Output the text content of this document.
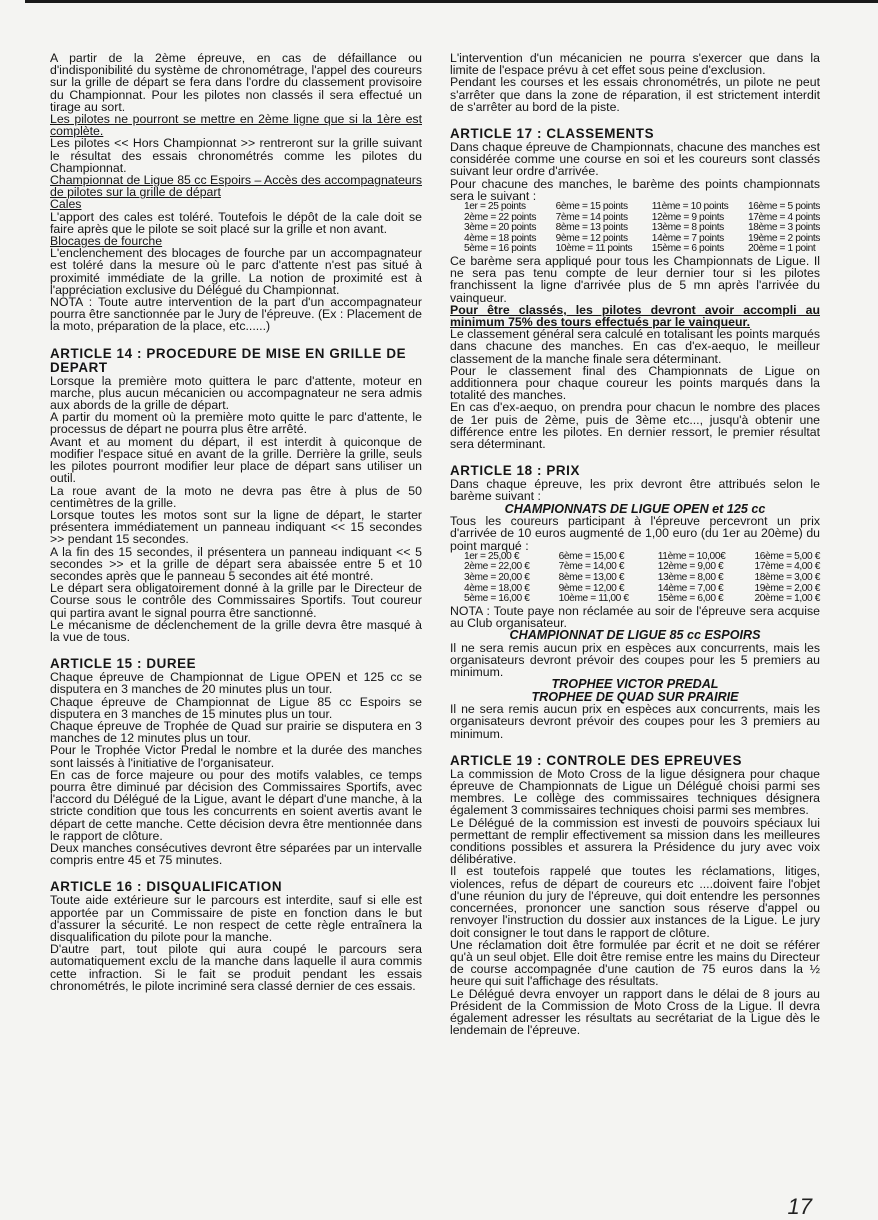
A partir de la 2ème épreuve, en cas de défaillance ou d'indisponibilité du système de chronométrage, l'appel des coureurs sur la grille de départ se fera dans l'ordre du classement provisoire du Championnat. Pour les pilotes non classés il sera effectué un tirage au sort.

Les pilotes ne pourront se mettre en 2ème ligne que si la 1ère est complète.

Les pilotes << Hors Championnat >> rentreront sur la grille suivant le résultat des essais chronométrés comme les pilotes du Championnat.

Championnat de Ligue 85 cc Espoirs – Accès des accompagnateurs de pilotes sur la grille de départ

Cales

L'apport des cales est toléré. Toutefois le dépôt de la cale doit se faire après que le pilote se soit placé sur la grille et non avant.

Blocages de fourche

L'enclenchement des blocages de fourche par un accompagnateur est toléré dans la mesure où le parc d'attente n'est pas situé à proximité immédiate de la grille. La notion de proximité est à l'appréciation exclusive du Délégué du Championnat.

NOTA : Toute autre intervention de la part d'un accompagnateur pourra être sanctionnée par le Jury de l'épreuve. (Ex : Placement de la moto, préparation de la place, etc......)

ARTICLE 14 : PROCEDURE DE MISE EN GRILLE DE DEPART

Lorsque la première moto quittera le parc d'attente, moteur en marche, plus aucun mécanicien ou accompagnateur ne sera admis aux abords de la grille de départ.

A partir du moment où la première moto quitte le parc d'attente, le processus de départ ne pourra plus être arrêté.

Avant et au moment du départ, il est interdit à quiconque de modifier l'espace situé en avant de la grille. Derrière la grille, seuls les pilotes pourront modifier leur place de départ sans utiliser un outil.

La roue avant de la moto ne devra pas être à plus de 50 centimètres de la grille.

Lorsque toutes les motos sont sur la ligne de départ, le starter présentera immédiatement un panneau indiquant << 15 secondes >> pendant 15 secondes.

A la fin des 15 secondes, il présentera un panneau indiquant << 5 secondes >> et la grille de départ sera abaissée entre 5 et 10 secondes après que le panneau 5 secondes ait été montré.

Le départ sera obligatoirement donné à la grille par le Directeur de Course sous le contrôle des Commissaires Sportifs. Tout coureur qui partira avant le signal pourra être sanctionné.

Le mécanisme de déclenchement de la grille devra être masqué à la vue de tous.

ARTICLE 15 : DUREE

Chaque épreuve de Championnat de Ligue OPEN et 125 cc se disputera en 3 manches de 20 minutes plus un tour.

Chaque épreuve de Championnat de Ligue 85 cc Espoirs se disputera en 3 manches de 15 minutes plus un tour.

Chaque épreuve de Trophée de Quad sur prairie se disputera en 3 manches de 12 minutes plus un tour.

Pour le Trophée Victor Predal le nombre et la durée des manches sont laissés à l'initiative de l'organisateur.

En cas de force majeure ou pour des motifs valables, ce temps pourra être diminué par décision des Commissaires Sportifs, avec l'accord du Délégué de la Ligue, avant le départ d'une manche, à la stricte condition que tous les concurrents en soient avertis avant le départ de cette manche. Cette décision devra être mentionnée dans le rapport de clôture.

Deux manches consécutives devront être séparées par un intervalle compris entre 45 et 75 minutes.

ARTICLE 16 : DISQUALIFICATION

Toute aide extérieure sur le parcours est interdite, sauf si elle est apportée par un Commissaire de piste en fonction dans le but d'assurer la sécurité. Le non respect de cette règle entraînera la disqualification du pilote pour la manche.

D'autre part, tout pilote qui aura coupé le parcours sera automatiquement exclu de la manche dans laquelle il aura commis cette infraction. Si le fait se produit pendant les essais chronométrés, le pilote incriminé sera classé dernier de ces essais.

L'intervention d'un mécanicien ne pourra s'exercer que dans la limite de l'espace prévu à cet effet sous peine d'exclusion.

Pendant les courses et les essais chronométrés, un pilote ne peut s'arrêter que dans la zone de réparation, il est strictement interdit de s'arrêter au bord de la piste.

ARTICLE 17 : CLASSEMENTS

Dans chaque épreuve de Championnats, chacune des manches est considérée comme une course en soi et les coureurs sont classés suivant leur ordre d'arrivée.

Pour chacune des manches, le barème des points championnats sera le suivant :

1er = 25 points	6ème = 15 points	11ème = 10 points 16ème = 5 points
2ème = 22 points 7ème = 14 points	12ème = 9 points	17ème = 4 points
3ème = 20 points 8ème = 13 points	13ème = 8 points	18ème = 3 points
4ème = 18 points 9ème = 12 points	14ème = 7 points	19ème = 2 points
5ème = 16 points 10ème = 11 points 15ème = 6 points	20ème = 1 point

Ce barème sera appliqué pour tous les Championnats de Ligue. Il ne sera pas tenu compte de leur dernier tour si les pilotes franchissent la ligne d'arrivée plus de 5 mn après l'arrivée du vainqueur.

Pour être classés, les pilotes devront avoir accompli au minimum 75% des tours effectués par le vainqueur.

Le classement général sera calculé en totalisant les points marqués dans chacune des manches. En cas d'ex-aequo, le meilleur classement de la manche finale sera déterminant.

Pour le classement final des Championnats de Ligue on additionnera pour chaque coureur les points marqués dans la totalité des manches.

En cas d'ex-aequo, on prendra pour chacun le nombre des places de 1er puis de 2ème, puis de 3ème etc..., jusqu'à obtenir une différence entre les pilotes. En dernier ressort, le premier résultat sera déterminant.

ARTICLE 18 : PRIX

Dans chaque épreuve, les prix devront être attribués selon le barème suivant :

CHAMPIONNATS DE LIGUE OPEN et 125 cc

Tous les coureurs participant à l'épreuve percevront un prix d'arrivée de 10 euros augmenté de 1,00 euro (du 1er au 20ème) du point marqué :

1er = 25,00 €	6ème = 15,00 €	11ème = 10,00€	16ème = 5,00 €
2ème = 22,00 €	7ème = 14,00 €	12ème = 9,00 €	17ème = 4,00 €
3ème = 20,00 €	8ème = 13,00 €	13ème = 8,00 €	18ème = 3,00 €
4ème = 18,00 €	9ème = 12,00 €	14ème = 7,00 €	19ème = 2,00 €
5ème = 16,00 €	10ème = 11,00 €	15ème = 6,00 €	20ème = 1,00 €

NOTA : Toute paye non réclamée au soir de l'épreuve sera acquise au Club organisateur.

CHAMPIONNAT DE LIGUE 85 cc ESPOIRS

Il ne sera remis aucun prix en espèces aux concurrents, mais les organisateurs devront prévoir des coupes pour les 5 premiers au minimum.

TROPHEE VICTOR PREDAL

TROPHEE DE QUAD SUR PRAIRIE

Il ne sera remis aucun prix en espèces aux concurrents, mais les organisateurs devront prévoir des coupes pour les 3 premiers au minimum.

ARTICLE 19 : CONTROLE DES EPREUVES

La commission de Moto Cross de la ligue désignera pour chaque épreuve de Championnats de Ligue un Délégué choisi parmi ses membres. Le collège des commissaires techniques désignera également 3 commissaires techniques choisi parmi ses membres.

Le Délégué de la commission est investi de pouvoirs spéciaux lui permettant de remplir effectivement sa mission dans les meilleures conditions possibles et assurera la Présidence du jury avec voix délibérative.

Il est toutefois rappelé que toutes les réclamations, litiges, violences, refus de départ de coureurs etc ....doivent faire l'objet d'une réunion du jury de l'épreuve, qui doit entendre les personnes concernées, prononcer une sanction sous réserve d'appel ou renvoyer l'instruction du dossier aux instances de la Ligue. Le jury doit consigner le tout dans le rapport de clôture.

Une réclamation doit être formulée par écrit et ne doit se référer qu'à un seul objet. Elle doit être remise entre les mains du Directeur de course accompagnée d'une caution de 75 euros dans la ½ heure qui suit l'affichage des résultats.

Le Délégué devra envoyer un rapport dans le délai de 8 jours au Président de la Commission de Moto Cross de la Ligue. Il devra également adresser les résultats au secrétariat de la Ligue dès le lendemain de l'épreuve.

17
